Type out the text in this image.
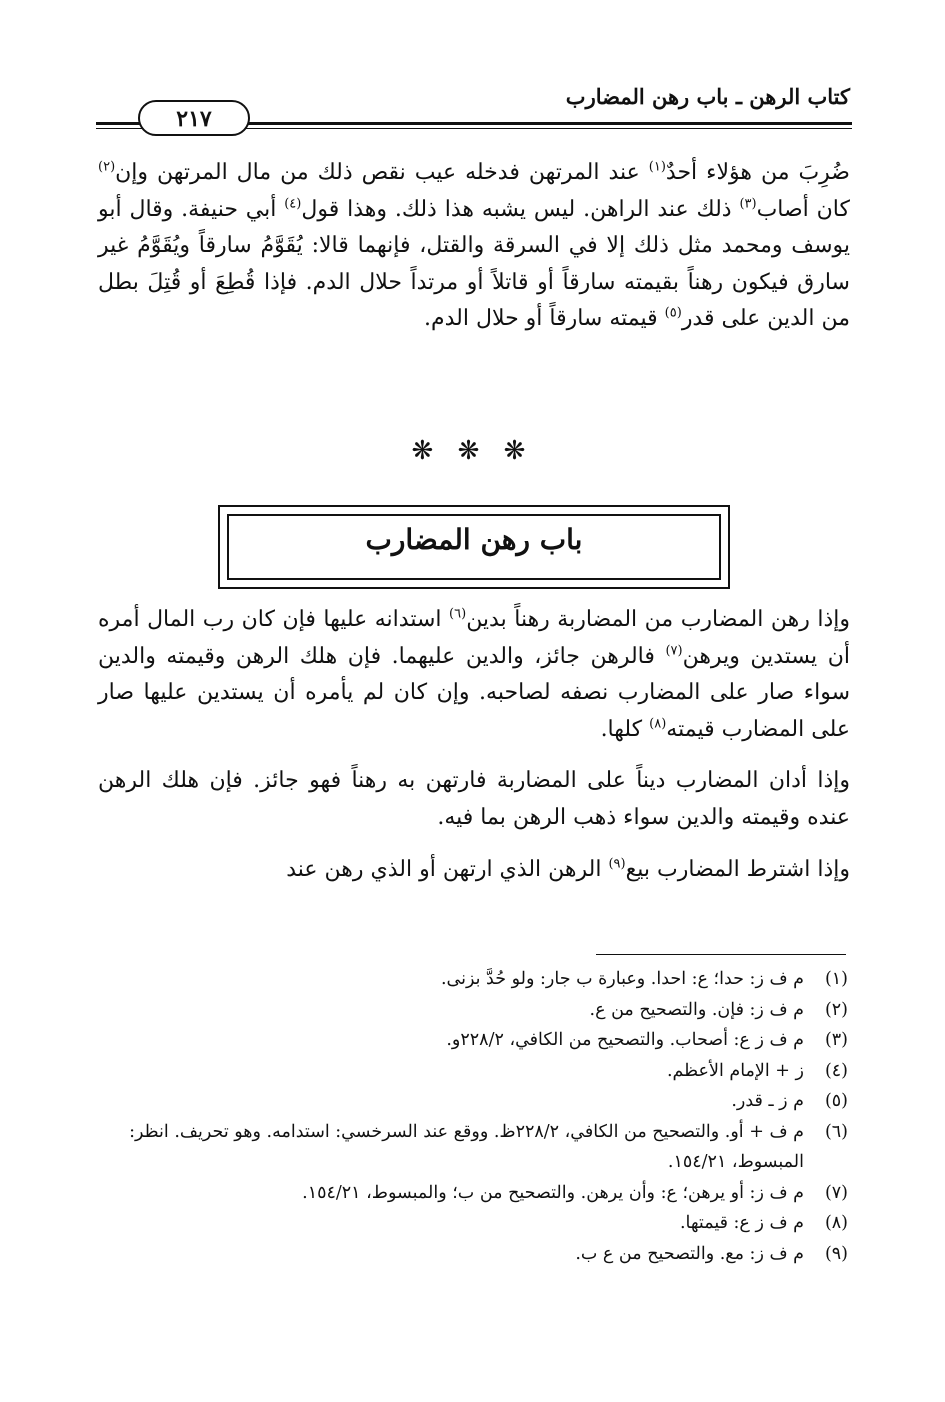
كتاب الرهن ـ باب رهن المضارب
٢١٧

ضُرِبَ من هؤلاء أحدٌ$^{(١)}$ عند المرتهن فدخله عيب نقص ذلك من مال المرتهن وإن$^{(٢)}$ كان أصاب$^{(٣)}$ ذلك عند الراهن. ليس يشبه هذا ذلك. وهذا قول$^{(٤)}$ أبي حنيفة. وقال أبو يوسف ومحمد مثل ذلك إلا في السرقة والقتل، فإنهما قالا: يُقَوَّمُ سارقاً ويُقَوَّمُ غير سارق فيكون رهناً بقيمته سارقاً أو قاتلاً أو مرتداً حلال الدم. فإذا قُطِعَ أو قُتِلَ بطل من الدين على قدر$^{(٥)}$ قيمته سارقاً أو حلال الدم.

❋ ❋ ❋
باب رهن المضارب

وإذا رهن المضارب من المضاربة رهناً بدين$^{(٦)}$ استدانه عليها فإن كان رب المال أمره أن يستدين ويرهن$^{(٧)}$ فالرهن جائز، والدين عليهما. فإن هلك الرهن وقيمته والدين سواء صار على المضارب نصفه لصاحبه. وإن كان لم يأمره أن يستدين عليها صار على المضارب قيمته$^{(٨)}$ كلها.

وإذا أدان المضارب ديناً على المضاربة فارتهن به رهناً فهو جائز. فإن هلك الرهن عنده وقيمته والدين سواء ذهب الرهن بما فيه.

وإذا اشترط المضارب بيع$^{(٩)}$ الرهن الذي ارتهن أو الذي رهن عند

(١)
م ف ز: حدا؛ ع: احدا. وعبارة ب جار: ولو حُدَّ بزنى.
(٢)
م ف ز: فإن. والتصحيح من ع.
(٣)
م ف ز ع: أصحاب. والتصحيح من الكافي، ٢٢٨/٢و.
(٤)
ز + الإمام الأعظم.
(٥)
م ز ـ قدر.
(٦)
م ف + أو. والتصحيح من الكافي، ٢٢٨/٢ظ. ووقع عند السرخسي: استدامه. وهو تحريف. انظر: المبسوط، ١٥٤/٢١.
(٧)
م ف ز: أو يرهن؛ ع: وأن يرهن. والتصحيح من ب؛ والمبسوط، ١٥٤/٢١.
(٨)
م ف ز ع: قيمتها.
(٩)
م ف ز: مع. والتصحيح من ع ب.
